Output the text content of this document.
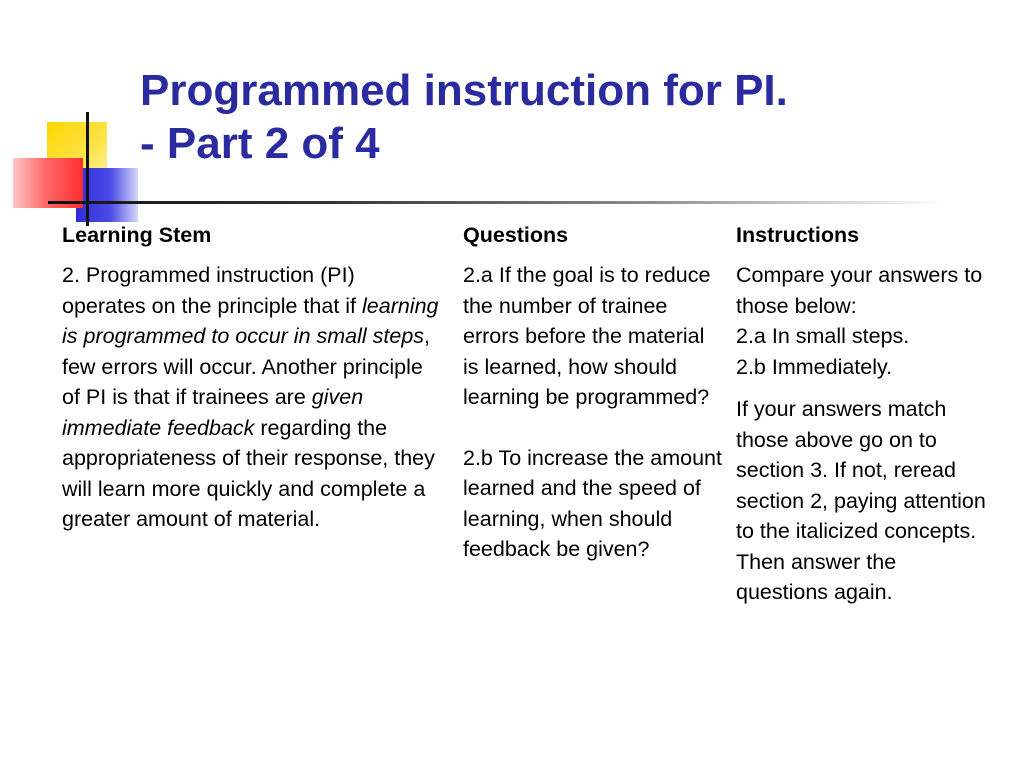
Programmed instruction for PI.
- Part 2 of 4
Learning Stem

2. Programmed instruction (PI) operates on the principle that if learning is programmed to occur in small steps, few errors will occur. Another principle of PI is that if trainees are given immediate feedback regarding the appropriateness of their response, they will learn more quickly and complete a greater amount of material.

Questions

2.a If the goal is to reduce the number of trainee errors before the material is learned, how should learning be programmed?

2.b To increase the amount learned and the speed of learning, when should feedback be given?

Instructions

Compare your answers to those below:

2.a In small steps.

2.b Immediately.

If your answers match those above go on to section 3. If not, reread section 2, paying attention to the italicized concepts. Then answer the questions again.
